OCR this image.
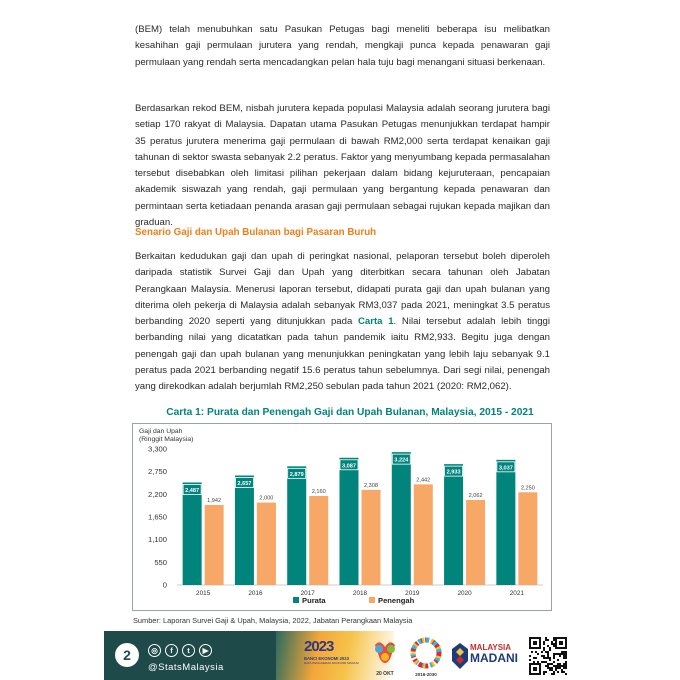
(BEM) telah menubuhkan satu Pasukan Petugas bagi meneliti beberapa isu melibatkan kesahihan gaji permulaan jurutera yang rendah, mengkaji punca kepada penawaran gaji permulaan yang rendah serta mencadangkan pelan hala tuju bagi menangani situasi berkenaan.

Berdasarkan rekod BEM, nisbah jurutera kepada populasi Malaysia adalah seorang jurutera bagi setiap 170 rakyat di Malaysia. Dapatan utama Pasukan Petugas menunjukkan terdapat hampir 35 peratus jurutera menerima gaji permulaan di bawah RM2,000 serta terdapat kenaikan gaji tahunan di sektor swasta sebanyak 2.2 peratus. Faktor yang menyumbang kepada permasalahan tersebut disebabkan oleh limitasi pilihan pekerjaan dalam bidang kejuruteraan, pencapaian akademik siswazah yang rendah, gaji permulaan yang bergantung kepada penawaran dan permintaan serta ketiadaan penanda arasan gaji permulaan sebagai rujukan kepada majikan dan graduan.

Senario Gaji dan Upah Bulanan bagi Pasaran Buruh

Berkaitan kedudukan gaji dan upah di peringkat nasional, pelaporan tersebut boleh diperoleh daripada statistik Survei Gaji dan Upah yang diterbitkan secara tahunan oleh Jabatan Perangkaan Malaysia. Menerusi laporan tersebut, didapati purata gaji dan upah bulanan yang diterima oleh pekerja di Malaysia adalah sebanyak RM3,037 pada 2021, meningkat 3.5 peratus berbanding 2020 seperti yang ditunjukkan pada Carta 1. Nilai tersebut adalah lebih tinggi berbanding nilai yang dicatatkan pada tahun pandemik iaitu RM2,933. Begitu juga dengan penengah gaji dan upah bulanan yang menunjukkan peningkatan yang lebih laju sebanyak 9.1 peratus pada 2021 berbanding negatif 15.6 peratus tahun sebelumnya. Dari segi nilai, penengah yang direkodkan adalah berjumlah RM2,250 sebulan pada tahun 2021 (2020: RM2,062).

Carta 1: Purata dan Penengah Gaji dan Upah Bulanan, Malaysia, 2015 - 2021
Gaji dan Upah
(Ringgit Malaysia)
0
550
1,100
1,650
2,200
2,750
3,300
2,487
1,942
2015
2,657
2,000
2016
2,879
2,160
2017
3,087
2,308
2018
3,224
2,442
2019
2,933
2,062
2020
3,037
2,250
2021
Purata	Penengah
Sumber: Laporan Survei Gaji & Upah, Malaysia, 2022, Jabatan Perangkaan Malaysia
2	◎	f	t	▶
@StatsMalaysia
2023
BANCI EKONOMI 2023
DATA PENGGERAK EKONOMI MADANI
20 OKT	2016-2030
MALAYSIA
MADANI
